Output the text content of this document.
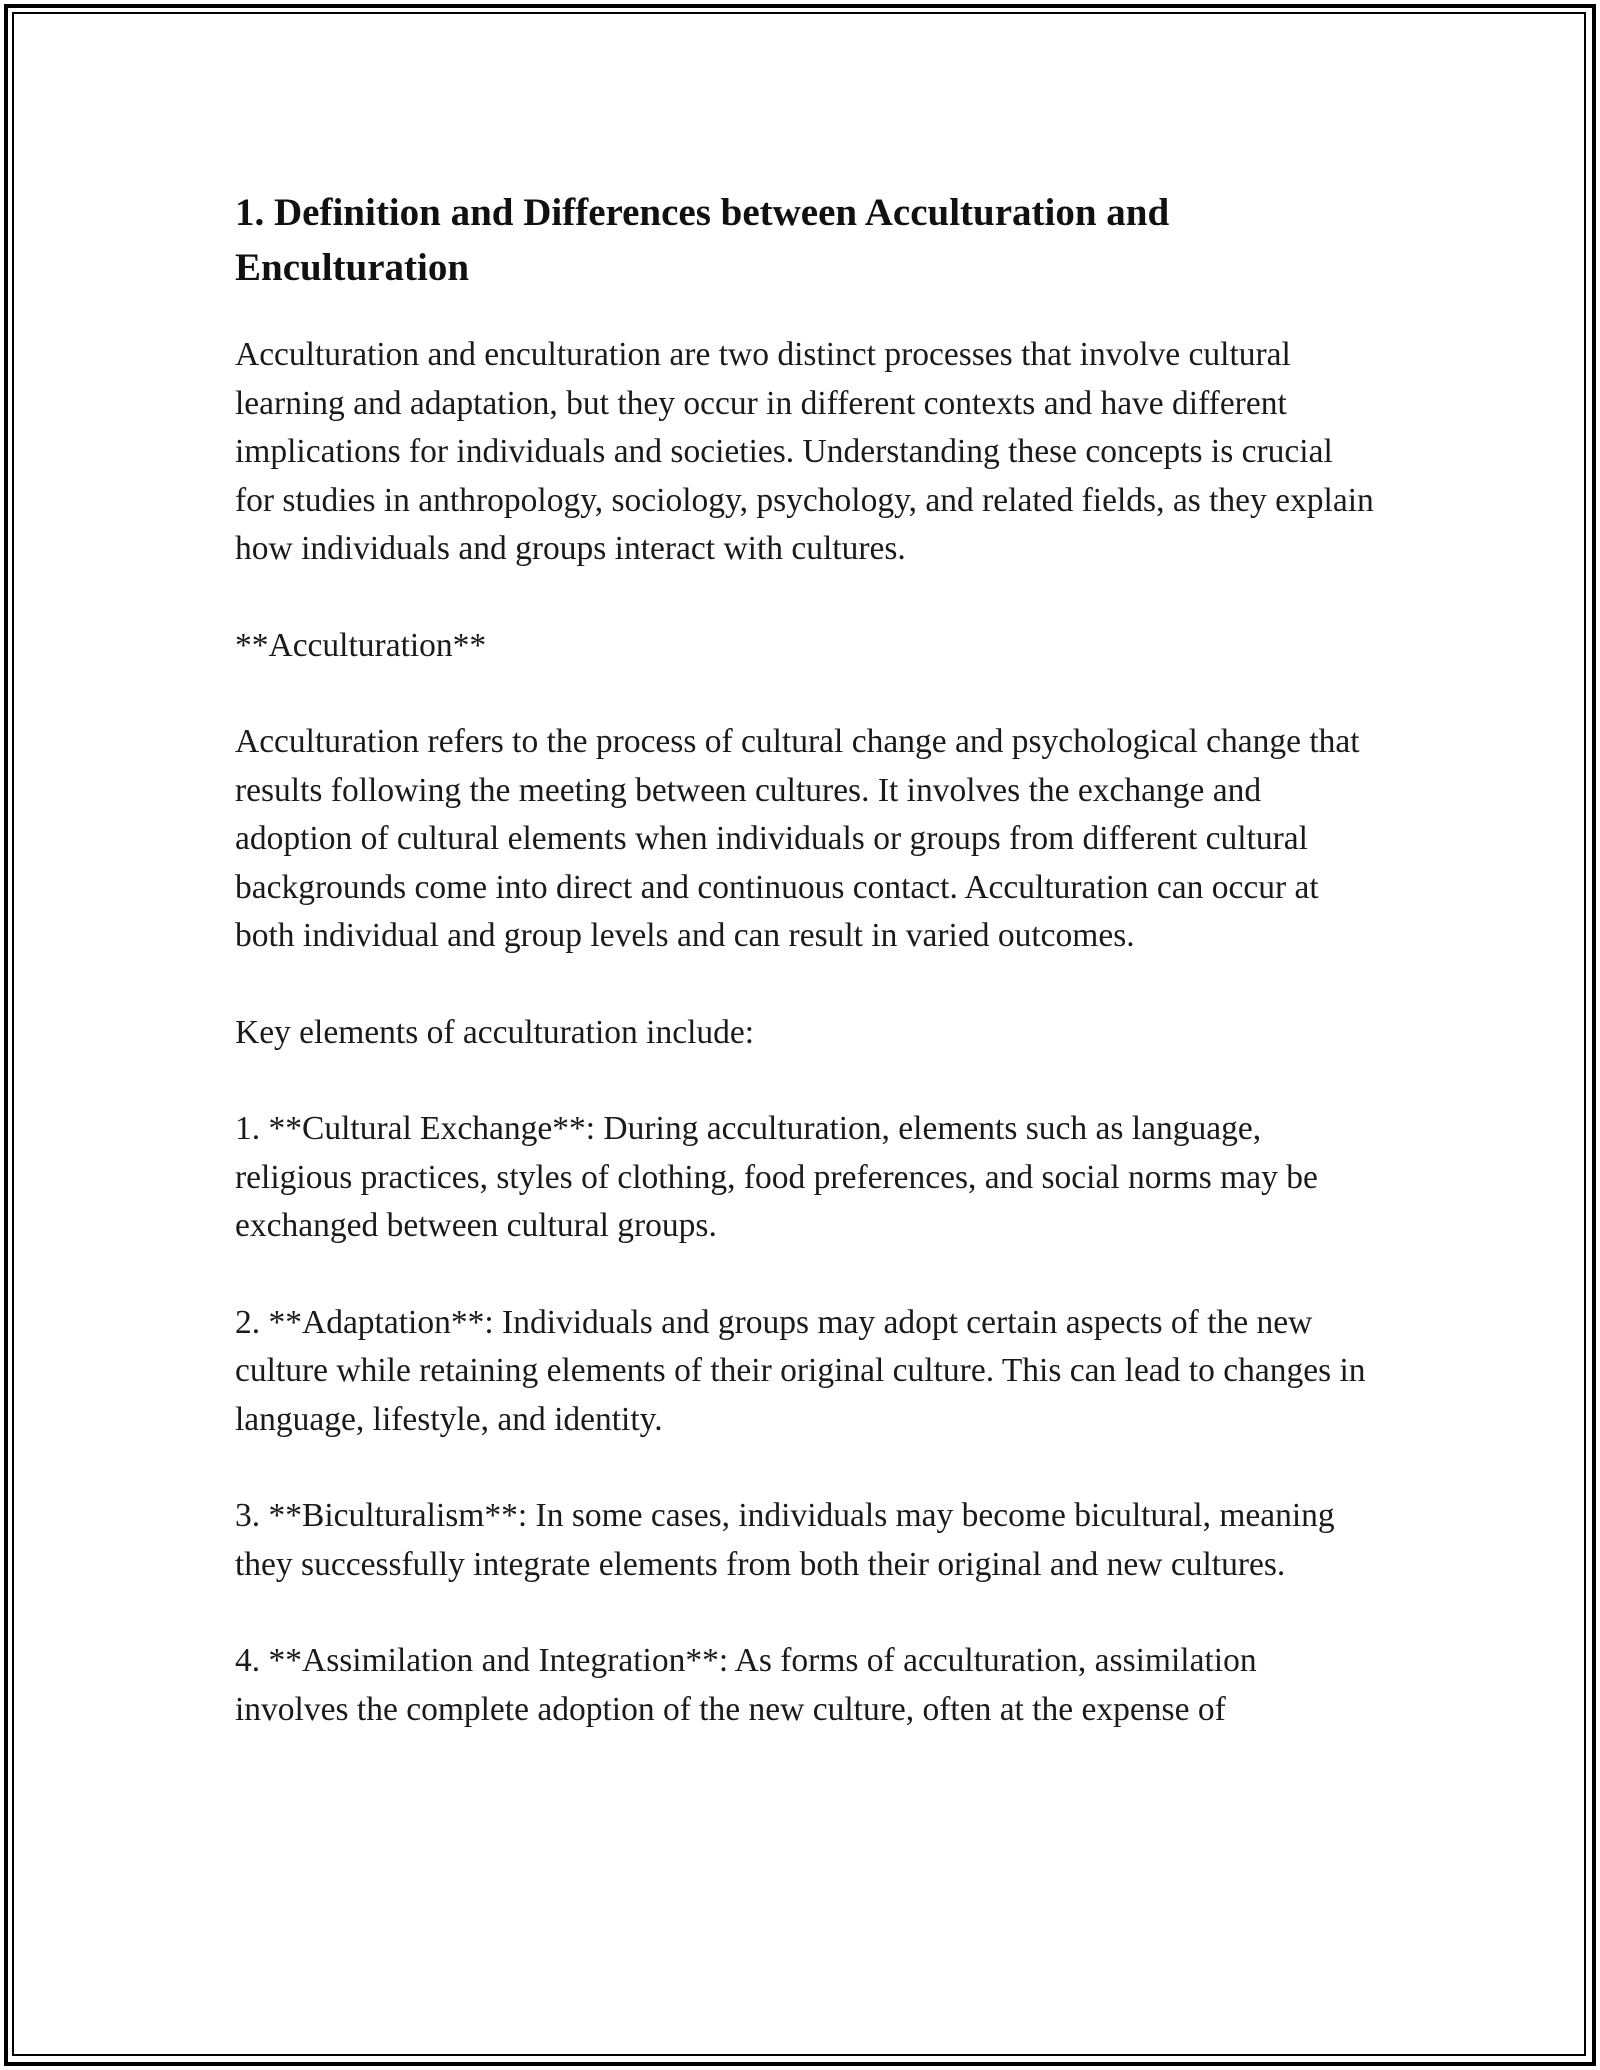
1. Definition and Differences between Acculturation and Enculturation

Acculturation and enculturation are two distinct processes that involve cultural learning and adaptation, but they occur in different contexts and have different implications for individuals and societies. Understanding these concepts is crucial for studies in anthropology, sociology, psychology, and related fields, as they explain how individuals and groups interact with cultures.

**Acculturation**

Acculturation refers to the process of cultural change and psychological change that results following the meeting between cultures. It involves the exchange and adoption of cultural elements when individuals or groups from different cultural backgrounds come into direct and continuous contact. Acculturation can occur at both individual and group levels and can result in varied outcomes.

Key elements of acculturation include:

1. **Cultural Exchange**: During acculturation, elements such as language, religious practices, styles of clothing, food preferences, and social norms may be exchanged between cultural groups.

2. **Adaptation**: Individuals and groups may adopt certain aspects of the new culture while retaining elements of their original culture. This can lead to changes in language, lifestyle, and identity.

3. **Biculturalism**: In some cases, individuals may become bicultural, meaning they successfully integrate elements from both their original and new cultures.

4. **Assimilation and Integration**: As forms of acculturation, assimilation involves the complete adoption of the new culture, often at the expense of
